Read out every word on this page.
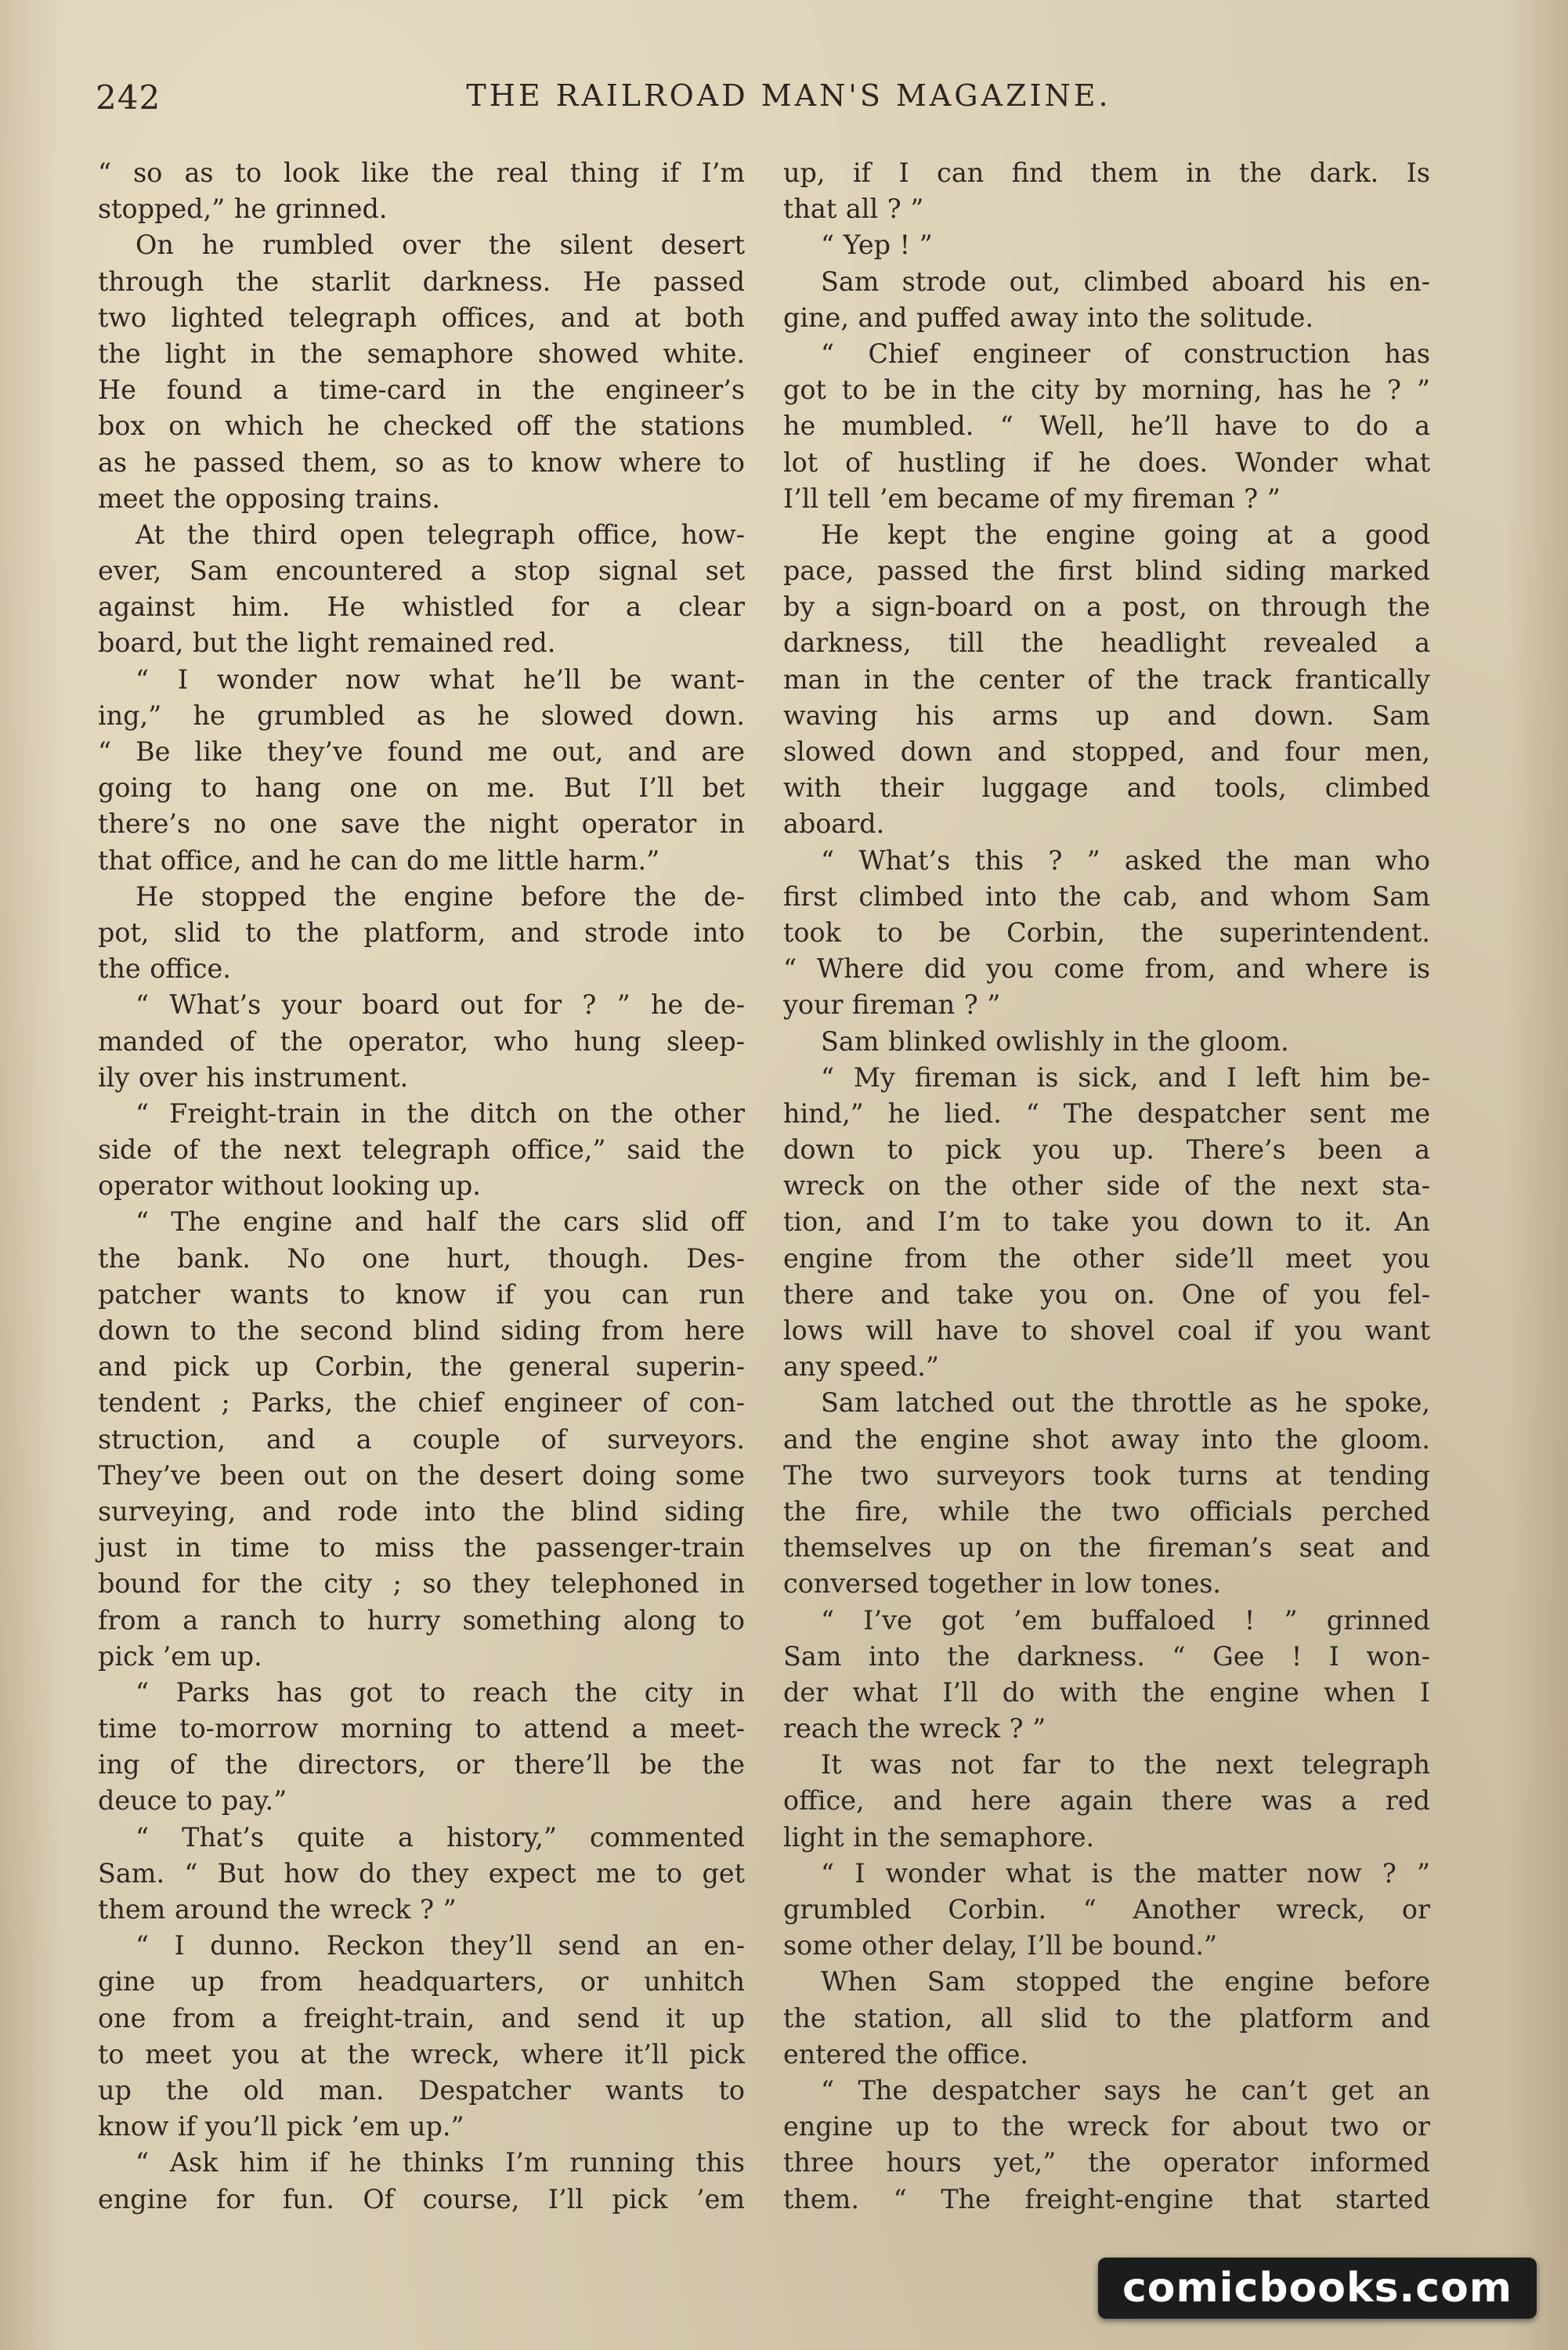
242	THE RAILROAD MAN'S MAGAZINE.
“ so as to look like the real thing if I’m
stopped,” he grinned.
On he rumbled over the silent desert
through the starlit darkness. He passed
two lighted telegraph offices, and at both
the light in the semaphore showed white.
He found a time-card in the engineer’s
box on which he checked off the stations
as he passed them, so as to know where to
meet the opposing trains.
At the third open telegraph office, how-
ever, Sam encountered a stop signal set
against him. He whistled for a clear
board, but the light remained red.
“ I wonder now what he’ll be want-
ing,” he grumbled as he slowed down.
“ Be like they’ve found me out, and are
going to hang one on me. But I’ll bet
there’s no one save the night operator in
that office, and he can do me little harm.”
He stopped the engine before the de-
pot, slid to the platform, and strode into
the office.
“ What’s your board out for ? ” he de-
manded of the operator, who hung sleep-
ily over his instrument.
“ Freight-train in the ditch on the other
side of the next telegraph office,” said the
operator without looking up.
“ The engine and half the cars slid off
the bank. No one hurt, though. Des-
patcher wants to know if you can run
down to the second blind siding from here
and pick up Corbin, the general superin-
tendent ; Parks, the chief engineer of con-
struction, and a couple of surveyors.
They’ve been out on the desert doing some
surveying, and rode into the blind siding
just in time to miss the passenger-train
bound for the city ; so they telephoned in
from a ranch to hurry something along to
pick ’em up.
“ Parks has got to reach the city in
time to-morrow morning to attend a meet-
ing of the directors, or there’ll be the
deuce to pay.”
“ That’s quite a history,” commented
Sam. “ But how do they expect me to get
them around the wreck ? ”
“ I dunno. Reckon they’ll send an en-
gine up from headquarters, or unhitch
one from a freight-train, and send it up
to meet you at the wreck, where it’ll pick
up the old man. Despatcher wants to
know if you’ll pick ’em up.”
“ Ask him if he thinks I’m running this
engine for fun. Of course, I’ll pick ’em
up, if I can find them in the dark. Is
that all ? ”
“ Yep ! ”
Sam strode out, climbed aboard his en-
gine, and puffed away into the solitude.
“ Chief engineer of construction has
got to be in the city by morning, has he ? ”
he mumbled. “ Well, he’ll have to do a
lot of hustling if he does. Wonder what
I’ll tell ’em became of my fireman ? ”
He kept the engine going at a good
pace, passed the first blind siding marked
by a sign-board on a post, on through the
darkness, till the headlight revealed a
man in the center of the track frantically
waving his arms up and down. Sam
slowed down and stopped, and four men,
with their luggage and tools, climbed
aboard.
“ What’s this ? ” asked the man who
first climbed into the cab, and whom Sam
took to be Corbin, the superintendent.
“ Where did you come from, and where is
your fireman ? ”
Sam blinked owlishly in the gloom.
“ My fireman is sick, and I left him be-
hind,” he lied. “ The despatcher sent me
down to pick you up. There’s been a
wreck on the other side of the next sta-
tion, and I’m to take you down to it. An
engine from the other side’ll meet you
there and take you on. One of you fel-
lows will have to shovel coal if you want
any speed.”
Sam latched out the throttle as he spoke,
and the engine shot away into the gloom.
The two surveyors took turns at tending
the fire, while the two officials perched
themselves up on the fireman’s seat and
conversed together in low tones.
“ I’ve got ’em buffaloed ! ” grinned
Sam into the darkness. “ Gee ! I won-
der what I’ll do with the engine when I
reach the wreck ? ”
It was not far to the next telegraph
office, and here again there was a red
light in the semaphore.
“ I wonder what is the matter now ? ”
grumbled Corbin. “ Another wreck, or
some other delay, I’ll be bound.”
When Sam stopped the engine before
the station, all slid to the platform and
entered the office.
“ The despatcher says he can’t get an
engine up to the wreck for about two or
three hours yet,” the operator informed
them. “ The freight-engine that started
comicbooks.com
